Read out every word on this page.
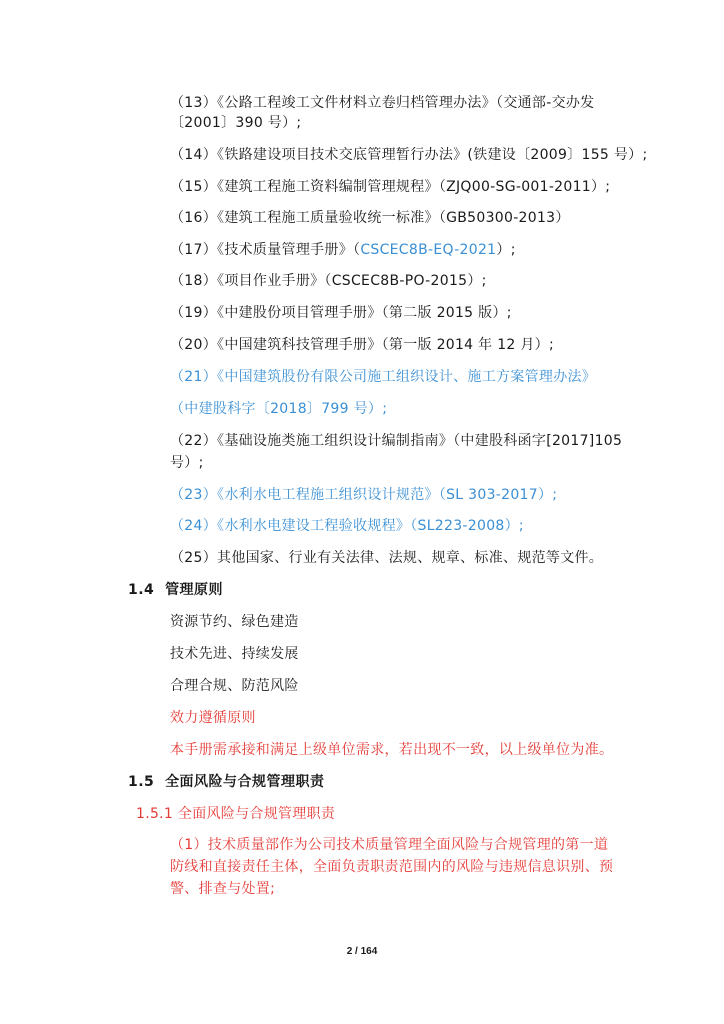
（13）《公路工程竣工文件材料立卷归档管理办法》（交通部-交办发
〔2001〕390 号）;
（14）《铁路建设项目技术交底管理暂行办法》(铁建设〔2009〕155 号）;
（15）《建筑工程施工资料编制管理规程》（ZJQ00-SG-001-2011）;
（16）《建筑工程施工质量验收统一标准》（GB50300-2013）
（17）《技术质量管理手册》（CSCEC8B-EQ-2021）;
（18）《项目作业手册》（CSCEC8B-PO-2015）;
（19）《中建股份项目管理手册》（第二版 2015 版）;
（20）《中国建筑科技管理手册》（第一版 2014 年 12 月）;
（21）《中国建筑股份有限公司施工组织设计、施工方案管理办法》
（中建股科字〔2018〕799 号）;
（22）《基础设施类施工组织设计编制指南》（中建股科函字[2017]105
号）;
（23）《水利水电工程施工组织设计规范》（SL 303-2017）;
（24）《水利水电建设工程验收规程》（SL223-2008）;
（25）其他国家、行业有关法律、法规、规章、标准、规范等文件。
1.4 管理原则
资源节约、绿色建造
技术先进、持续发展
合理合规、防范风险
效力遵循原则
本手册需承接和满足上级单位需求，若出现不一致，以上级单位为准。
1.5 全面风险与合规管理职责
1.5.1 全面风险与合规管理职责
（1）技术质量部作为公司技术质量管理全面风险与合规管理的第一道
防线和直接责任主体，全面负责职责范围内的风险与违规信息识别、预
警、排查与处置;
2 / 164
